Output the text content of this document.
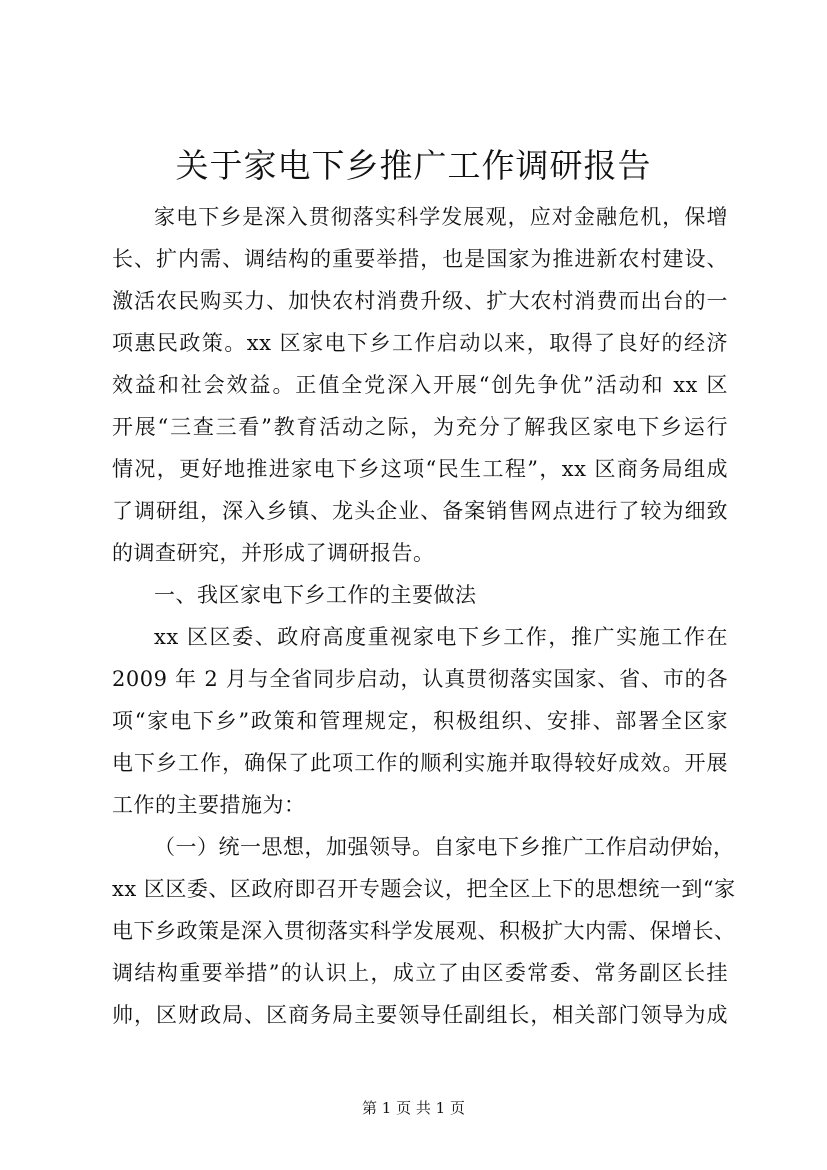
关于家电下乡推广工作调研报告
家电下乡是深入贯彻落实科学发展观，应对金融危机，保增
长、扩内需、调结构的重要举措，也是国家为推进新农村建设、
激活农民购买力、加快农村消费升级、扩大农村消费而出台的一
项惠民政策。xx 区家电下乡工作启动以来，取得了良好的经济
效益和社会效益。正值全党深入开展“创先争优”活动和 xx 区
开展“三查三看”教育活动之际，为充分了解我区家电下乡运行
情况，更好地推进家电下乡这项“民生工程”，xx 区商务局组成
了调研组，深入乡镇、龙头企业、备案销售网点进行了较为细致
的调查研究，并形成了调研报告。
一、我区家电下乡工作的主要做法
xx 区区委、政府高度重视家电下乡工作，推广实施工作在
2009 年 2 月与全省同步启动，认真贯彻落实国家、省、市的各
项“家电下乡”政策和管理规定，积极组织、安排、部署全区家
电下乡工作，确保了此项工作的顺利实施并取得较好成效。开展
工作的主要措施为：
（一）统一思想，加强领导。自家电下乡推广工作启动伊始，
xx 区区委、区政府即召开专题会议，把全区上下的思想统一到“家
电下乡政策是深入贯彻落实科学发展观、积极扩大内需、保增长、
调结构重要举措”的认识上，成立了由区委常委、常务副区长挂
帅，区财政局、区商务局主要领导任副组长，相关部门领导为成
第 1 页 共 1 页
